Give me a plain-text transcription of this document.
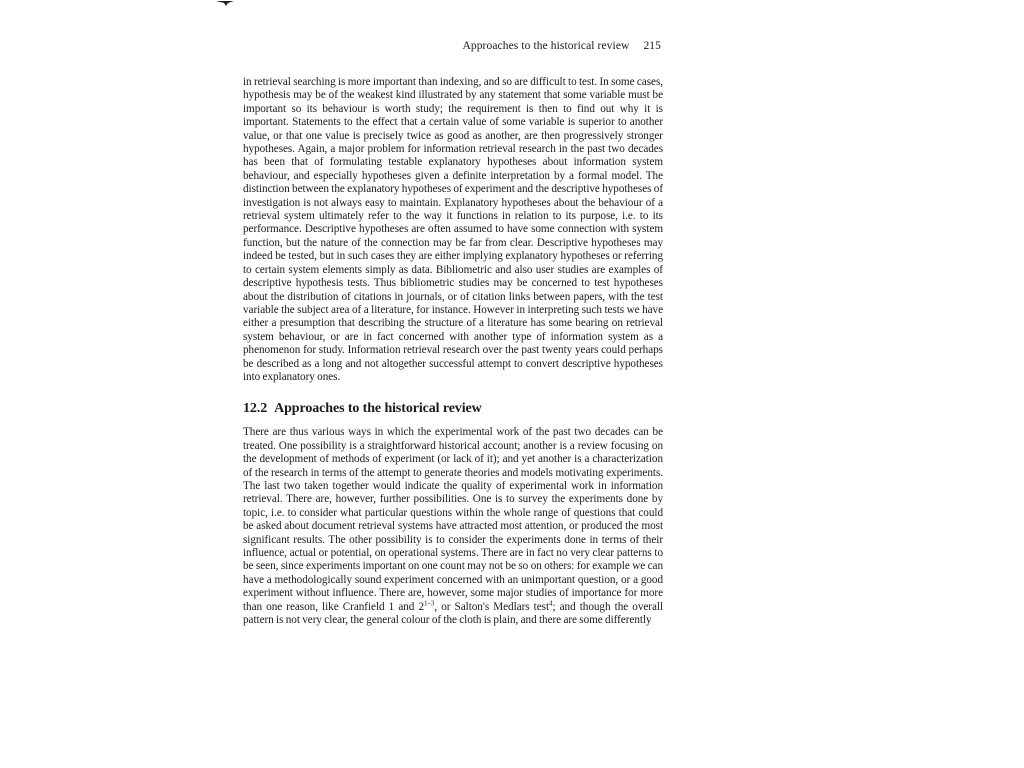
Approaches to the historical review 215

in retrieval searching is more important than indexing, and so are difficult to test. In some cases, hypothesis may be of the weakest kind illustrated by any statement that some variable must be important so its behaviour is worth study; the requirement is then to find out why it is important. Statements to the effect that a certain value of some variable is superior to another value, or that one value is precisely twice as good as another, are then progressively stronger hypotheses. Again, a major problem for information retrieval research in the past two decades has been that of formulating testable explanatory hypotheses about information system behaviour, and especially hypotheses given a definite interpretation by a formal model. The distinction between the explanatory hypotheses of experiment and the descriptive hypotheses of investigation is not always easy to maintain. Explanatory hypotheses about the behaviour of a retrieval system ultimately refer to the way it functions in relation to its purpose, i.e. to its performance. Descriptive hypotheses are often assumed to have some connection with system function, but the nature of the connection may be far from clear. Descriptive hypotheses may indeed be tested, but in such cases they are either implying explanatory hypotheses or referring to certain system elements simply as data. Bibliometric and also user studies are examples of descriptive hypothesis tests. Thus bibliometric studies may be concerned to test hypotheses about the distribution of citations in journals, or of citation links between papers, with the test variable the subject area of a literature, for instance. However in interpreting such tests we have either a presumption that describing the structure of a literature has some bearing on retrieval system behaviour, or are in fact concerned with another type of information system as a phenomenon for study. Information retrieval research over the past twenty years could perhaps be described as a long and not altogether successful attempt to convert descriptive hypotheses into explanatory ones.

12.2 Approaches to the historical review

There are thus various ways in which the experimental work of the past two decades can be treated. One possibility is a straightforward historical account; another is a review focusing on the development of methods of experiment (or lack of it); and yet another is a characterization of the research in terms of the attempt to generate theories and models motivating experiments. The last two taken together would indicate the quality of experimental work in information retrieval. There are, however, further possibilities. One is to survey the experiments done by topic, i.e. to consider what particular questions within the whole range of questions that could be asked about document retrieval systems have attracted most attention, or produced the most significant results. The other possibility is to consider the experiments done in terms of their influence, actual or potential, on operational systems. There are in fact no very clear patterns to be seen, since experiments important on one count may not be so on others: for example we can have a methodologically sound experiment concerned with an unimportant question, or a good experiment without influence. There are, however, some major studies of importance for more than one reason, like Cranfield 1 and 2$^{1-3}$, or Salton's Medlars test$^4$; and though the overall pattern is not very clear, the general colour of the cloth is plain, and there are some differently
